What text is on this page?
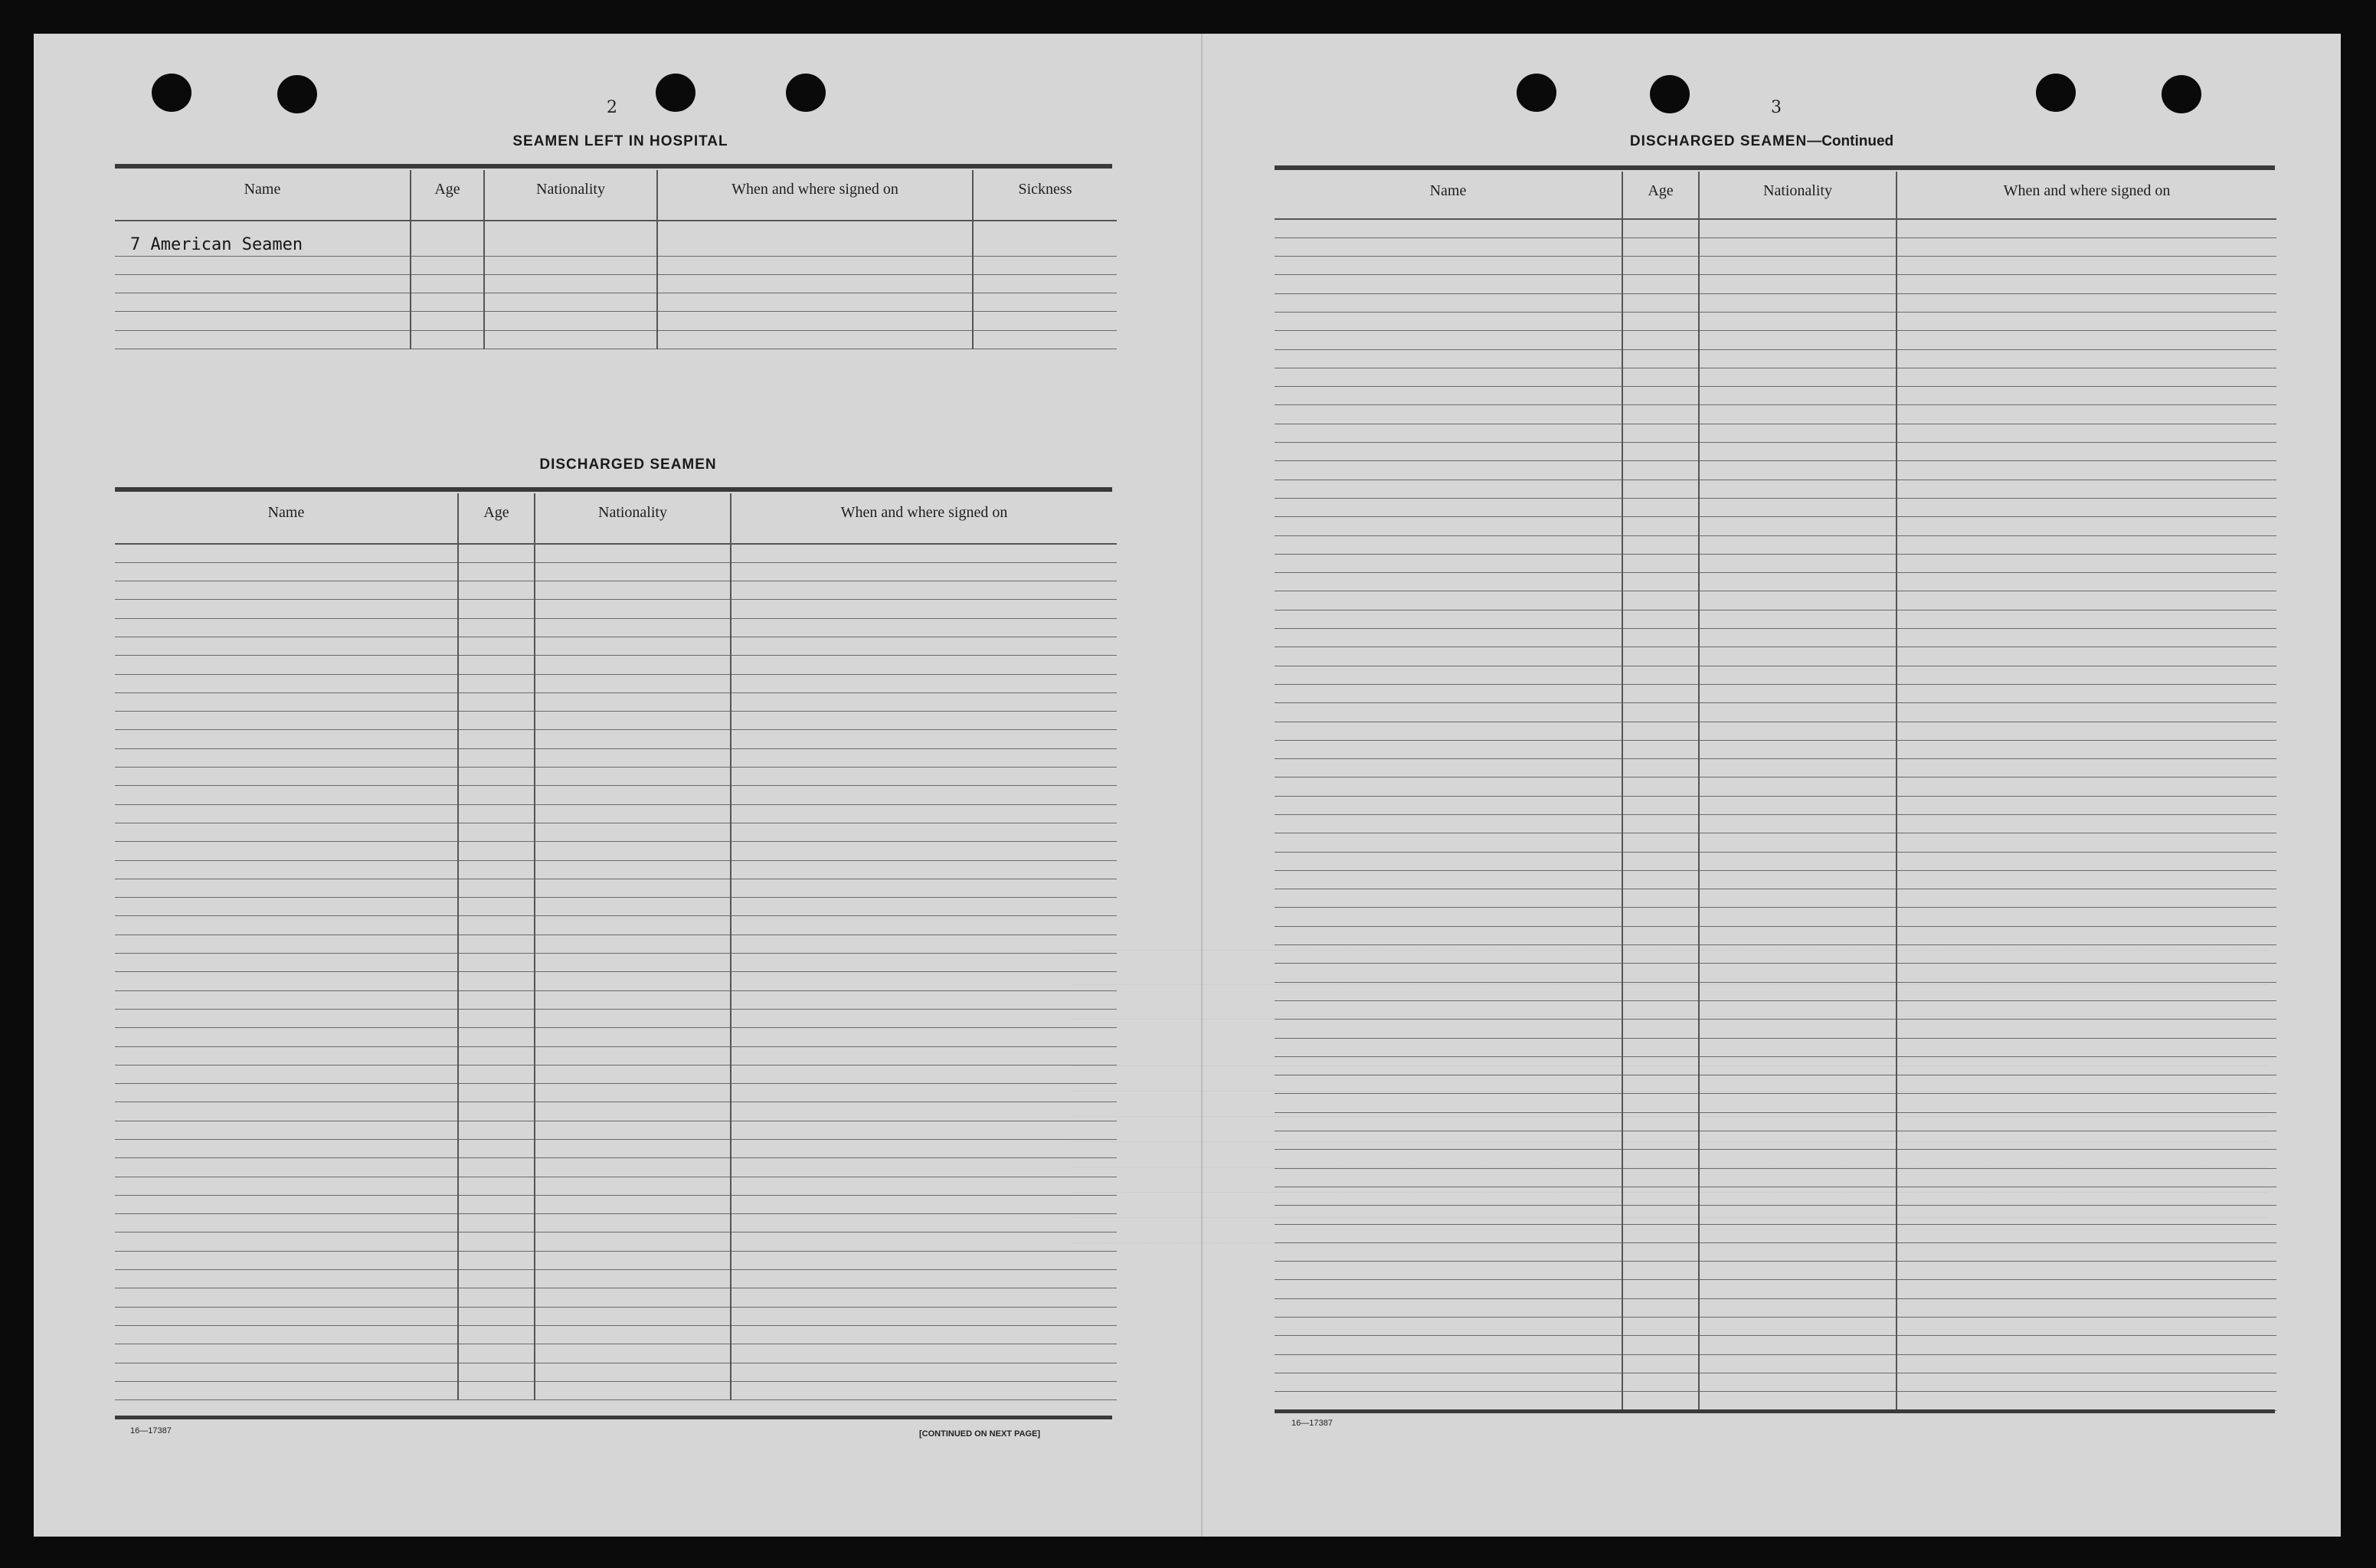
2
SEAMEN LEFT IN HOSPITAL
Name	Age	Nationality	When and where signed on	Sickness
7 American Seamen				

DISCHARGED SEAMEN
Name	Age	Nationality	When and where signed on

16—17387	[CONTINUED ON NEXT PAGE]
3
DISCHARGED SEAMEN—Continued
Name	Age	Nationality	When and where signed on

16—17387
